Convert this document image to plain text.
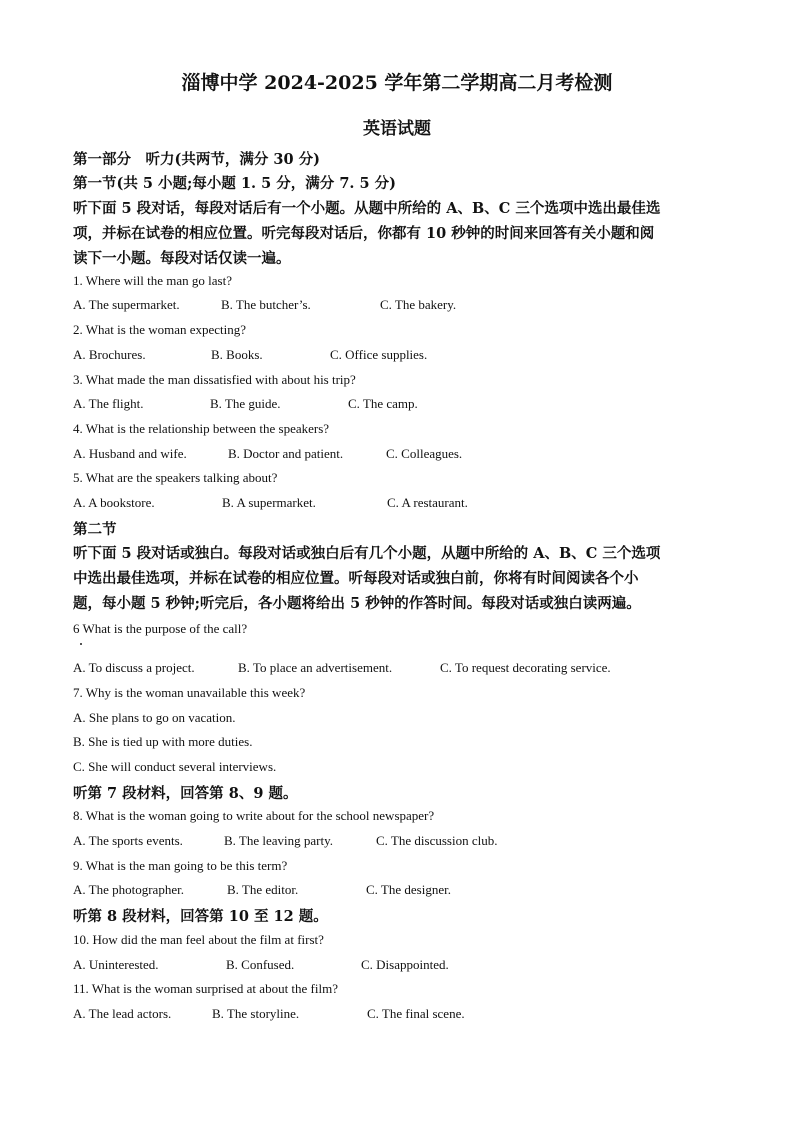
淄博中学 2024-2025 学年第二学期高二月考检测
英语试题
第一部分　听力(共两节，满分 30 分)
第一节(共 5 小题;每小题 1. 5 分，满分 7. 5 分)
听下面 5 段对话，每段对话后有一个小题。从题中所给的 A、B、C 三个选项中选出最佳选
项，并标在试卷的相应位置。听完每段对话后，你都有 10 秒钟的时间来回答有关小题和阅
读下一小题。每段对话仅读一遍。
1. Where will the man go last?
A. The supermarket.	B. The butcher’s.	C. The bakery.
2. What is the woman expecting?
A. Brochures.	B. Books.	C. Office supplies.
3. What made the man dissatisfied with about his trip?
A. The flight.	B. The guide.	C. The camp.
4. What is the relationship between the speakers?
A. Husband and wife.	B. Doctor and patient.	C. Colleagues.
5. What are the speakers talking about?
A. A bookstore.	B. A supermarket.	C. A restaurant.
第二节
听下面 5 段对话或独白。每段对话或独白后有几个小题，从题中所给的 A、B、C 三个选项
中选出最佳选项，并标在试卷的相应位置。听每段对话或独白前，你将有时间阅读各个小
题，每小题 5 秒钟;听完后，各小题将给出 5 秒钟的作答时间。每段对话或独白读两遍。
6 What is the purpose of the call?
A. To discuss a project.	B. To place an advertisement.	C. To request decorating service.
7. Why is the woman unavailable this week?
A. She plans to go on vacation.
B. She is tied up with more duties.
C. She will conduct several interviews.
听第 7 段材料，回答第 8、9 题。
8. What is the woman going to write about for the school newspaper?
A. The sports events.	B. The leaving party.	C. The discussion club.
9. What is the man going to be this term?
A. The photographer.	B. The editor.	C. The designer.
听第 8 段材料，回答第 10 至 12 题。
10. How did the man feel about the film at first?
A. Uninterested.	B. Confused.	C. Disappointed.
11. What is the woman surprised at about the film?
A. The lead actors.	B. The storyline.	C. The final scene.
